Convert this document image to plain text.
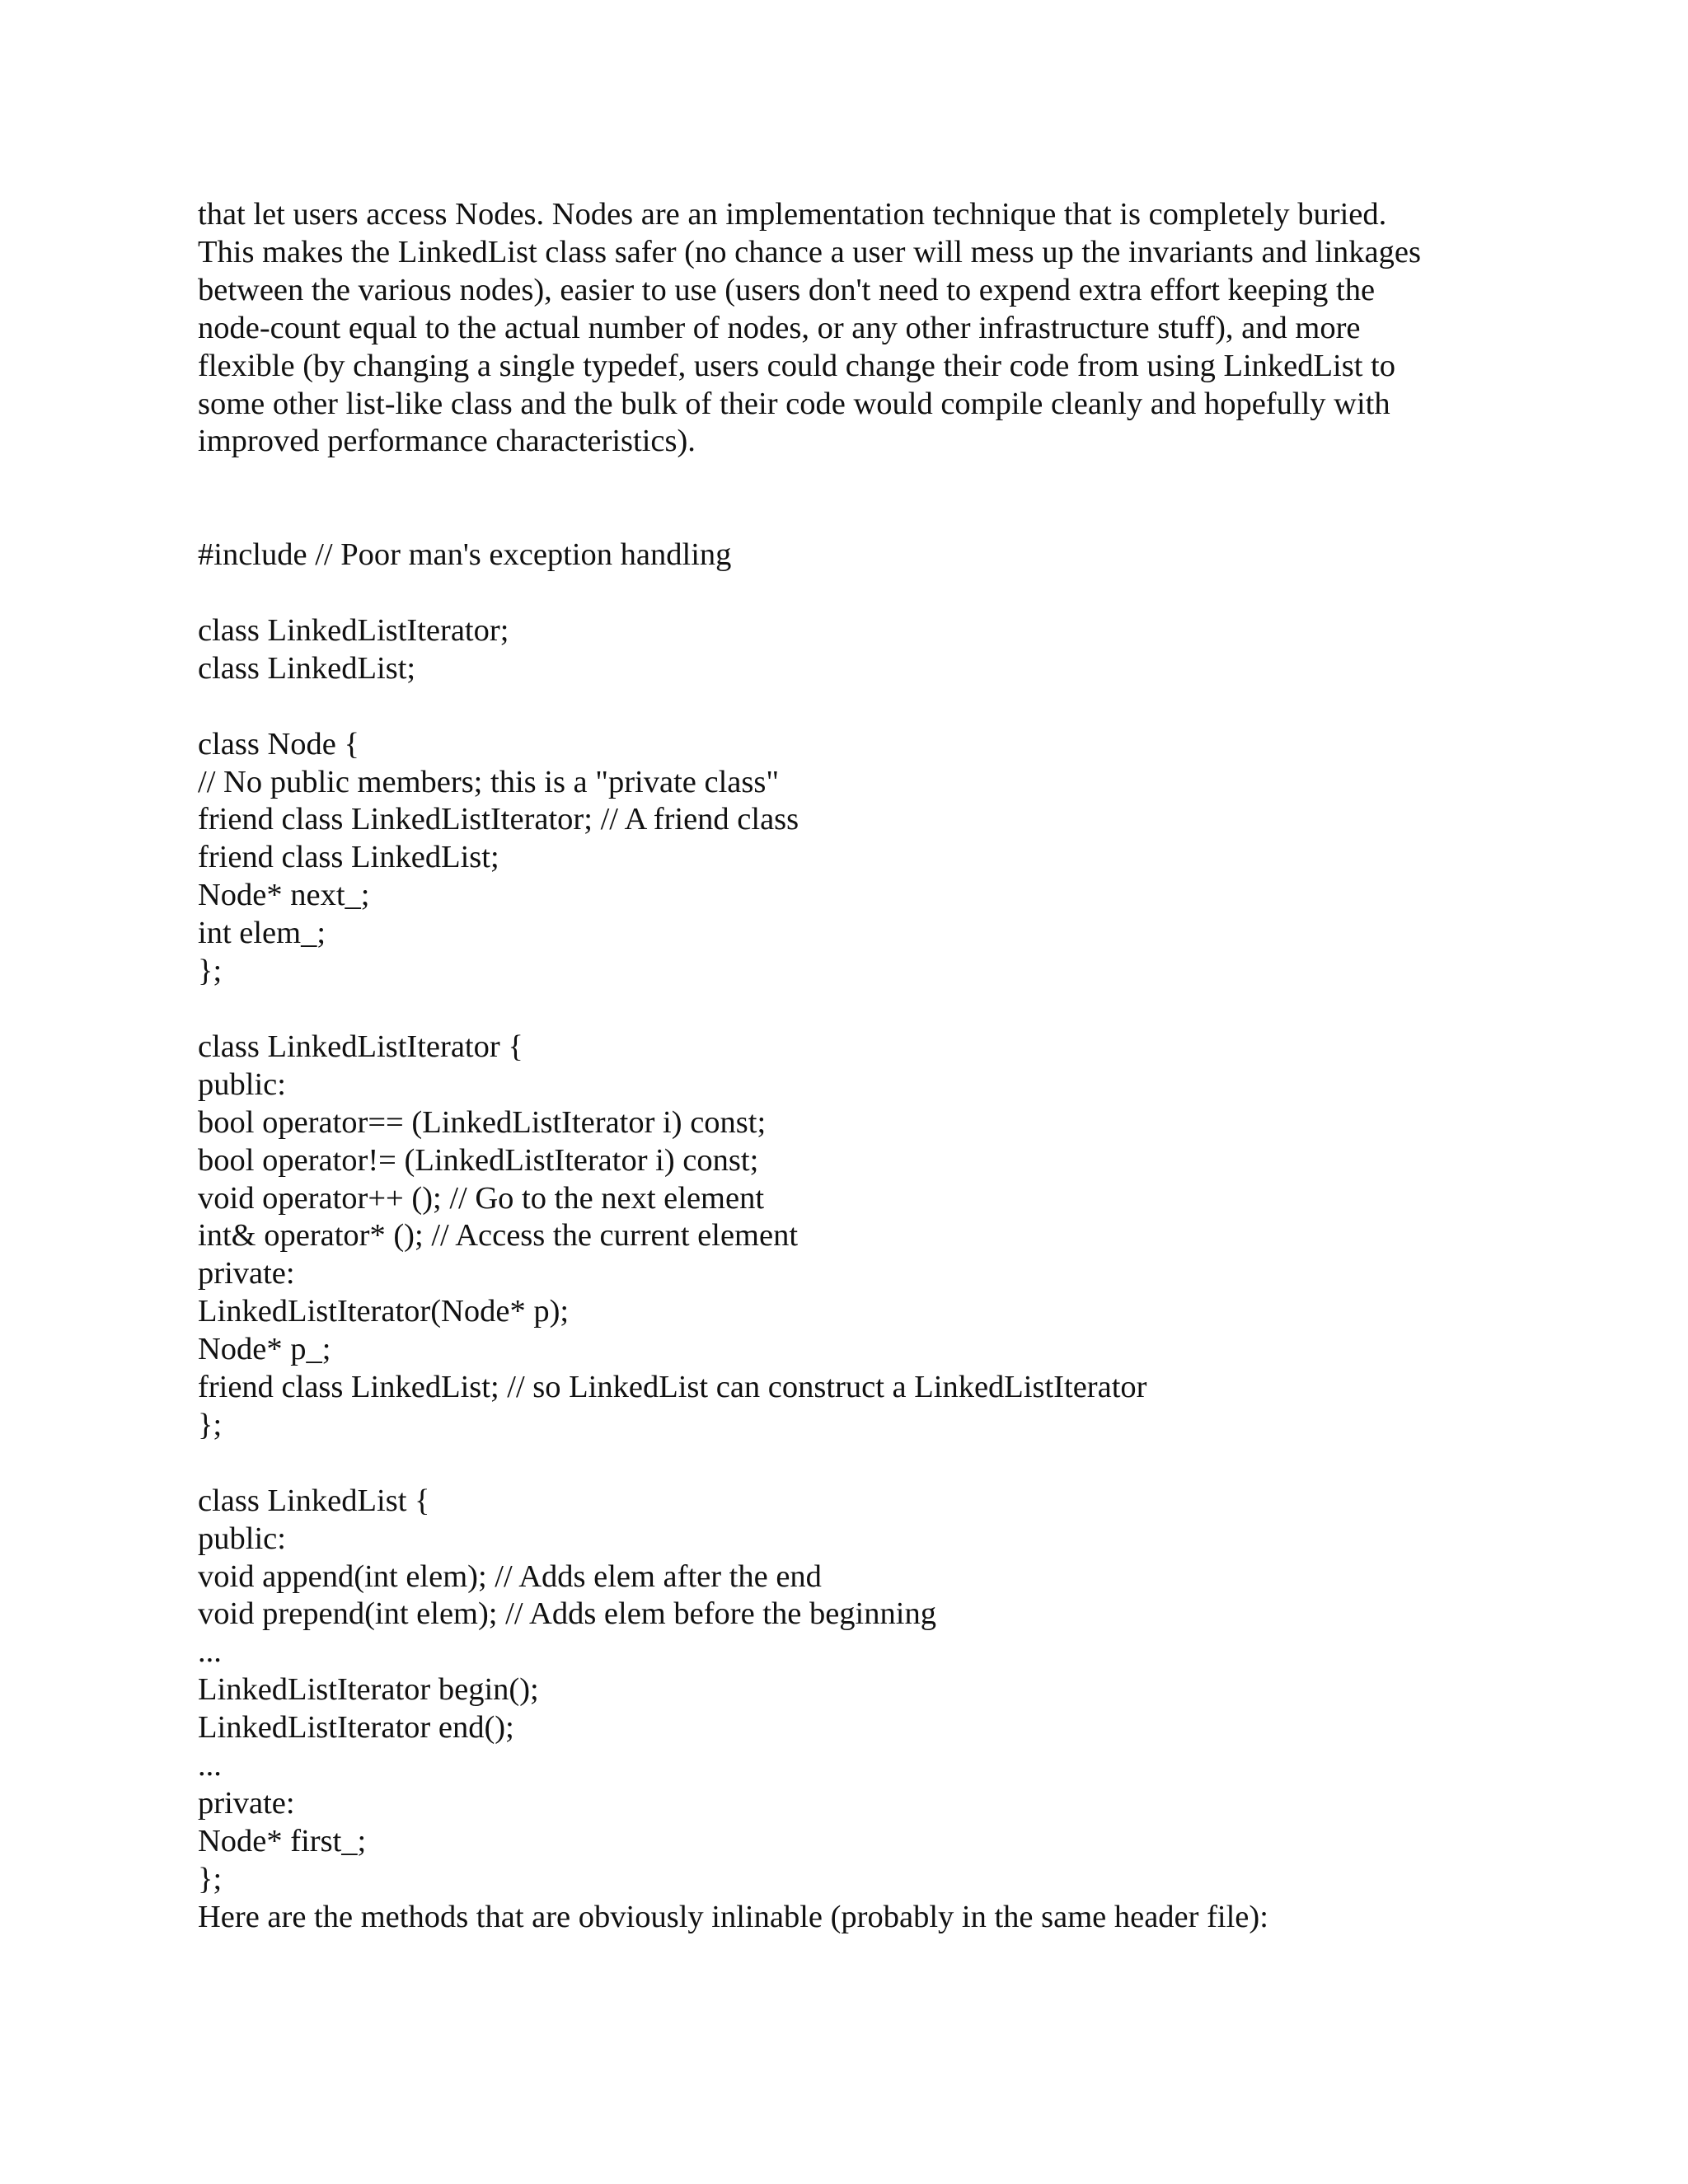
that let users access Nodes. Nodes are an implementation technique that is completely buried.
This makes the LinkedList class safer (no chance a user will mess up the invariants and linkages
between the various nodes), easier to use (users don't need to expend extra effort keeping the
node-count equal to the actual number of nodes, or any other infrastructure stuff), and more
flexible (by changing a single typedef, users could change their code from using LinkedList to
some other list-like class and the bulk of their code would compile cleanly and hopefully with
improved performance characteristics).

#include // Poor man's exception handling
class LinkedListIterator;
class LinkedList;
class Node {
// No public members; this is a "private class"
friend class LinkedListIterator; // A friend class
friend class LinkedList;
Node* next_;
int elem_;
};
class LinkedListIterator {
public:
bool operator== (LinkedListIterator i) const;
bool operator!= (LinkedListIterator i) const;
void operator++ (); // Go to the next element
int& operator* (); // Access the current element
private:
LinkedListIterator(Node* p);
Node* p_;
friend class LinkedList; // so LinkedList can construct a LinkedListIterator
};
class LinkedList {
public:
void append(int elem); // Adds elem after the end
void prepend(int elem); // Adds elem before the beginning
...
LinkedListIterator begin();
LinkedListIterator end();
...
private:
Node* first_;
};

Here are the methods that are obviously inlinable (probably in the same header file):
